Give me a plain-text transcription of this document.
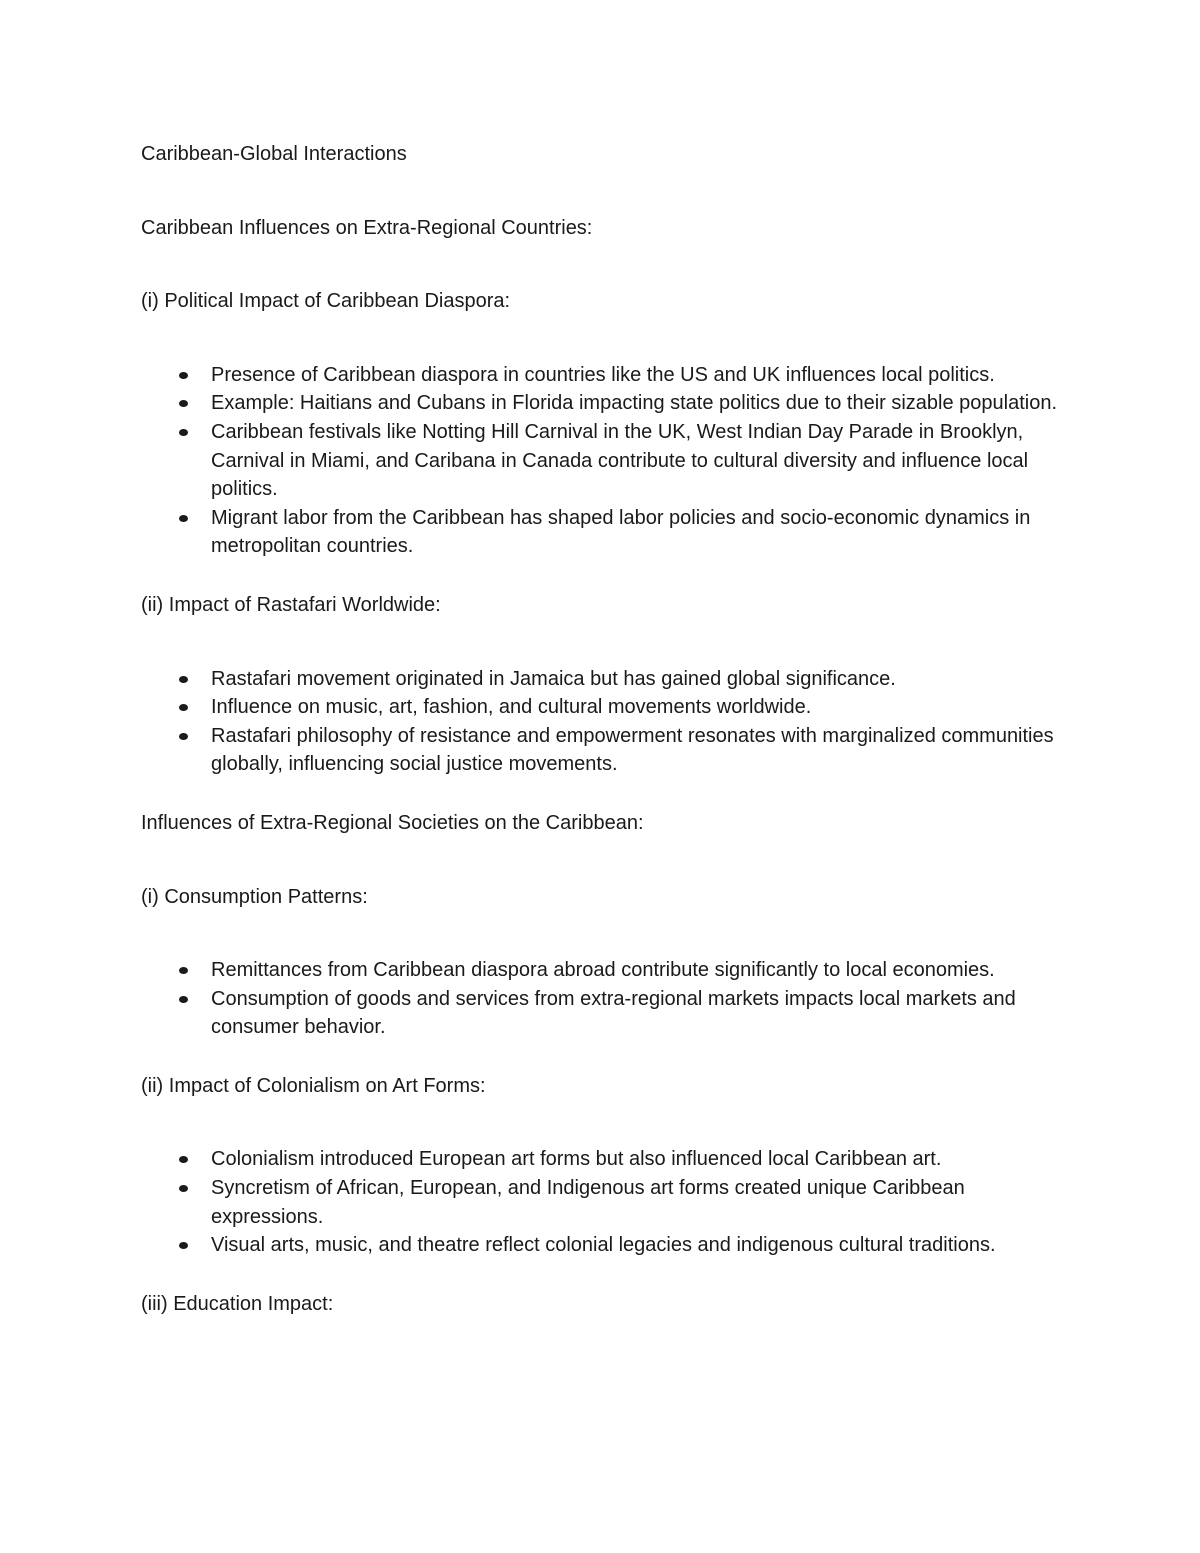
Caribbean-Global Interactions

Caribbean Influences on Extra-Regional Countries:

(i) Political Impact of Caribbean Diaspora:

Presence of Caribbean diaspora in countries like the US and UK influences local politics.
Example: Haitians and Cubans in Florida impacting state politics due to their sizable population.
Caribbean festivals like Notting Hill Carnival in the UK, West Indian Day Parade in Brooklyn, Carnival in Miami, and Caribana in Canada contribute to cultural diversity and influence local politics.
Migrant labor from the Caribbean has shaped labor policies and socio-economic dynamics in metropolitan countries.

(ii) Impact of Rastafari Worldwide:

Rastafari movement originated in Jamaica but has gained global significance.
Influence on music, art, fashion, and cultural movements worldwide.
Rastafari philosophy of resistance and empowerment resonates with marginalized communities globally, influencing social justice movements.

Influences of Extra-Regional Societies on the Caribbean:

(i) Consumption Patterns:

Remittances from Caribbean diaspora abroad contribute significantly to local economies.
Consumption of goods and services from extra-regional markets impacts local markets and consumer behavior.

(ii) Impact of Colonialism on Art Forms:

Colonialism introduced European art forms but also influenced local Caribbean art.
Syncretism of African, European, and Indigenous art forms created unique Caribbean expressions.
Visual arts, music, and theatre reflect colonial legacies and indigenous cultural traditions.

(iii) Education Impact:
